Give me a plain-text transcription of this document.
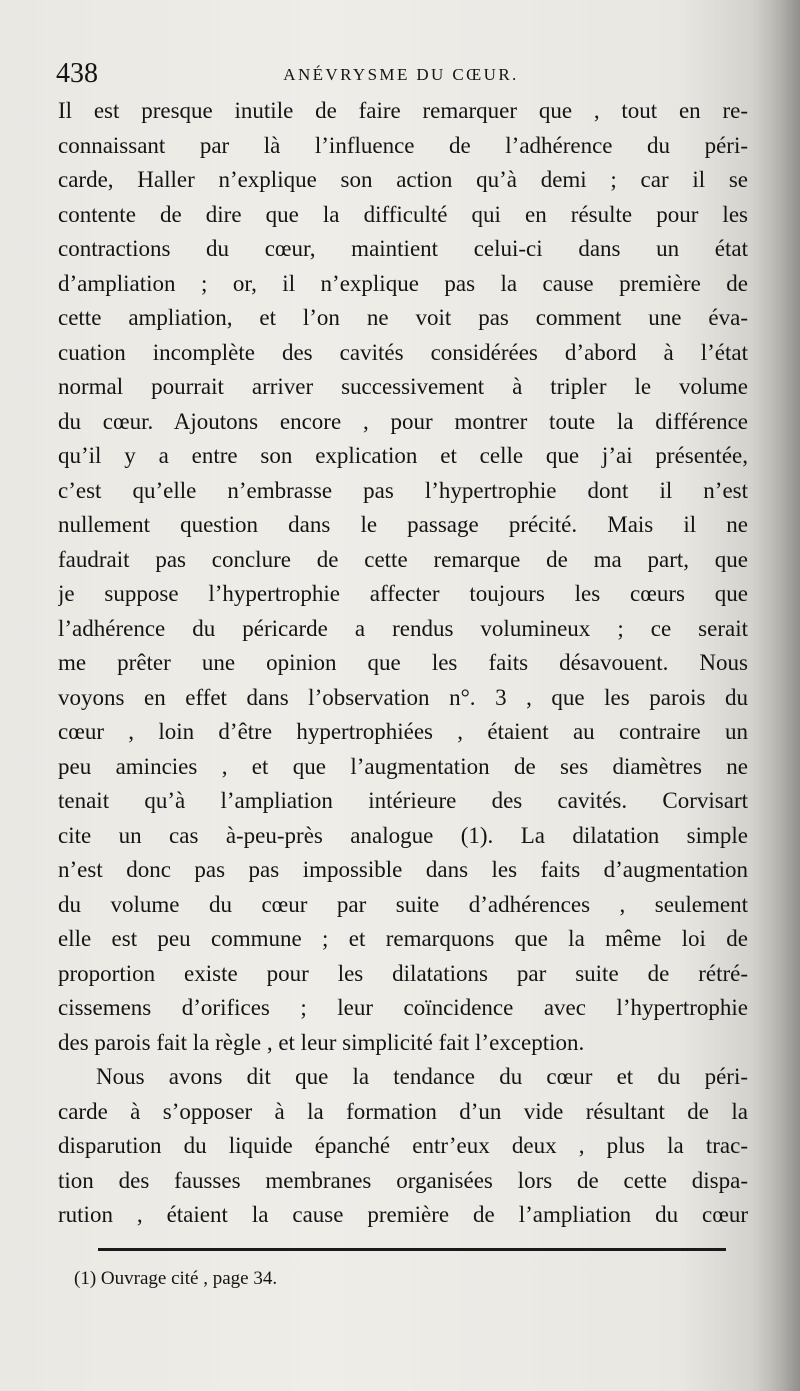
438	ANÉVRYSME DU CŒUR.
Il est presque inutile de faire remarquer que , tout en re-
connaissant par là l’influence de l’adhérence du péri-
carde, Haller n’explique son action qu’à demi ; car il se
contente de dire que la difficulté qui en résulte pour les
contractions du cœur, maintient celui-ci dans un état
d’ampliation ; or, il n’explique pas la cause première de
cette ampliation, et l’on ne voit pas comment une éva-
cuation incomplète des cavités considérées d’abord à l’état
normal pourrait arriver successivement à tripler le volume
du cœur. Ajoutons encore , pour montrer toute la différence
qu’il y a entre son explication et celle que j’ai présentée,
c’est qu’elle n’embrasse pas l’hypertrophie dont il n’est
nullement question dans le passage précité. Mais il ne
faudrait pas conclure de cette remarque de ma part, que
je suppose l’hypertrophie affecter toujours les cœurs que
l’adhérence du péricarde a rendus volumineux ; ce serait
me prêter une opinion que les faits désavouent. Nous
voyons en effet dans l’observation n°. 3 , que les parois du
cœur , loin d’être hypertrophiées , étaient au contraire un
peu amincies , et que l’augmentation de ses diamètres ne
tenait qu’à l’ampliation intérieure des cavités. Corvisart
cite un cas à-peu-près analogue (1). La dilatation simple
n’est donc pas pas impossible dans les faits d’augmentation
du volume du cœur par suite d’adhérences , seulement
elle est peu commune ; et remarquons que la même loi de
proportion existe pour les dilatations par suite de rétré-
cissemens d’orifices ; leur coïncidence avec l’hypertrophie
des parois fait la règle , et leur simplicité fait l’exception.
Nous avons dit que la tendance du cœur et du péri-
carde à s’opposer à la formation d’un vide résultant de la
disparution du liquide épanché entr’eux deux , plus la trac-
tion des fausses membranes organisées lors de cette dispa-
rution , étaient la cause première de l’ampliation du cœur
(1) Ouvrage cité , page 34.
